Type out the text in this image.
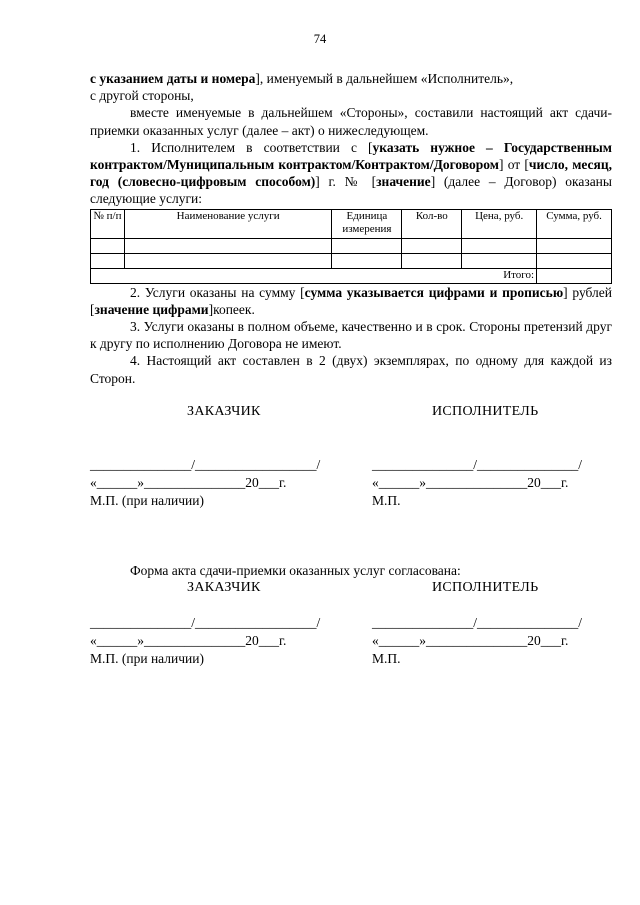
74

с указанием даты и номера], именуемый в дальнейшем «Исполнитель»,

с другой стороны,

вместе именуемые в дальнейшем «Стороны», составили настоящий акт сдачи-приемки оказанных услуг (далее – акт) о нижеследующем.

1. Исполнителем в соответствии с [указать нужное – Государственным контрактом/Муниципальным контрактом/Контрактом/Договором] от [число, месяц, год (словесно-цифровым способом)] г. № [значение] (далее – Договор) оказаны следующие услуги:

№ п/п	Наименование услуги	Единица измерения	Кол-во	Цена, руб.	Сумма, руб.

Итого:					

2. Услуги оказаны на сумму [сумма указывается цифрами и прописью] рублей [значение цифрами]копеек.

3. Услуги оказаны в полном объеме, качественно и в срок. Стороны претензий друг к другу по исполнению Договора не имеют.

4. Настоящий акт составлен в 2 (двух) экземплярах, по одному для каждой из Сторон.

ЗАКАЗЧИК	ИСПОЛНИТЕЛЬ
_______________/__________________/	_______________/_______________/
«______»_______________20___г.	«______»_______________20___г.
М.П. (при наличии)	М.П.
Форма акта сдачи-приемки оказанных услуг согласована:
ЗАКАЗЧИК	ИСПОЛНИТЕЛЬ
_______________/__________________/	_______________/_______________/
«______»_______________20___г.	«______»_______________20___г.
М.П. (при наличии)	М.П.
